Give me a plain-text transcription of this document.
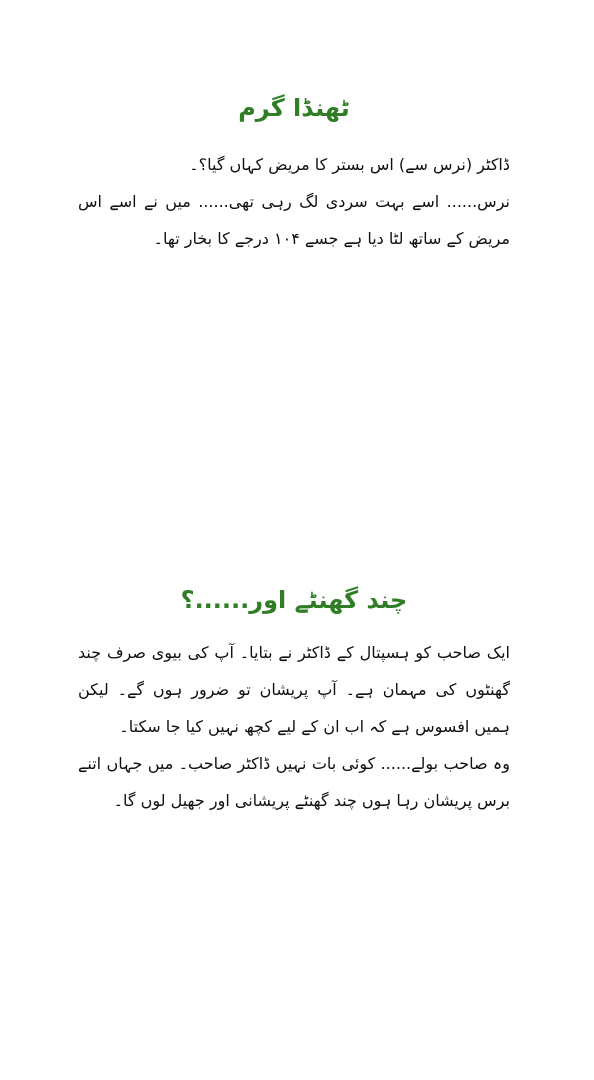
ٹھنڈا گرم

ڈاکٹر (نرس سے) اس بستر کا مریض کہاں گیا؟۔

نرس...... اسے بہت سردی لگ رہی تھی...... میں نے اسے اس مریض کے ساتھ لٹا دیا ہے جسے ۱۰۴ درجے کا بخار تھا۔

چند گھنٹے اور......؟

ایک صاحب کو ہسپتال کے ڈاکٹر نے بتایا۔ آپ کی بیوی صرف چند گھنٹوں کی مہمان ہے۔ آپ پریشان تو ضرور ہوں گے۔ لیکن ہمیں افسوس ہے کہ اب ان کے لیے کچھ نہیں کیا جا سکتا۔

وہ صاحب بولے...... کوئی بات نہیں ڈاکٹر صاحب۔ میں جہاں اتنے برس پریشان رہا ہوں چند گھنٹے پریشانی اور جھیل لوں گا۔
